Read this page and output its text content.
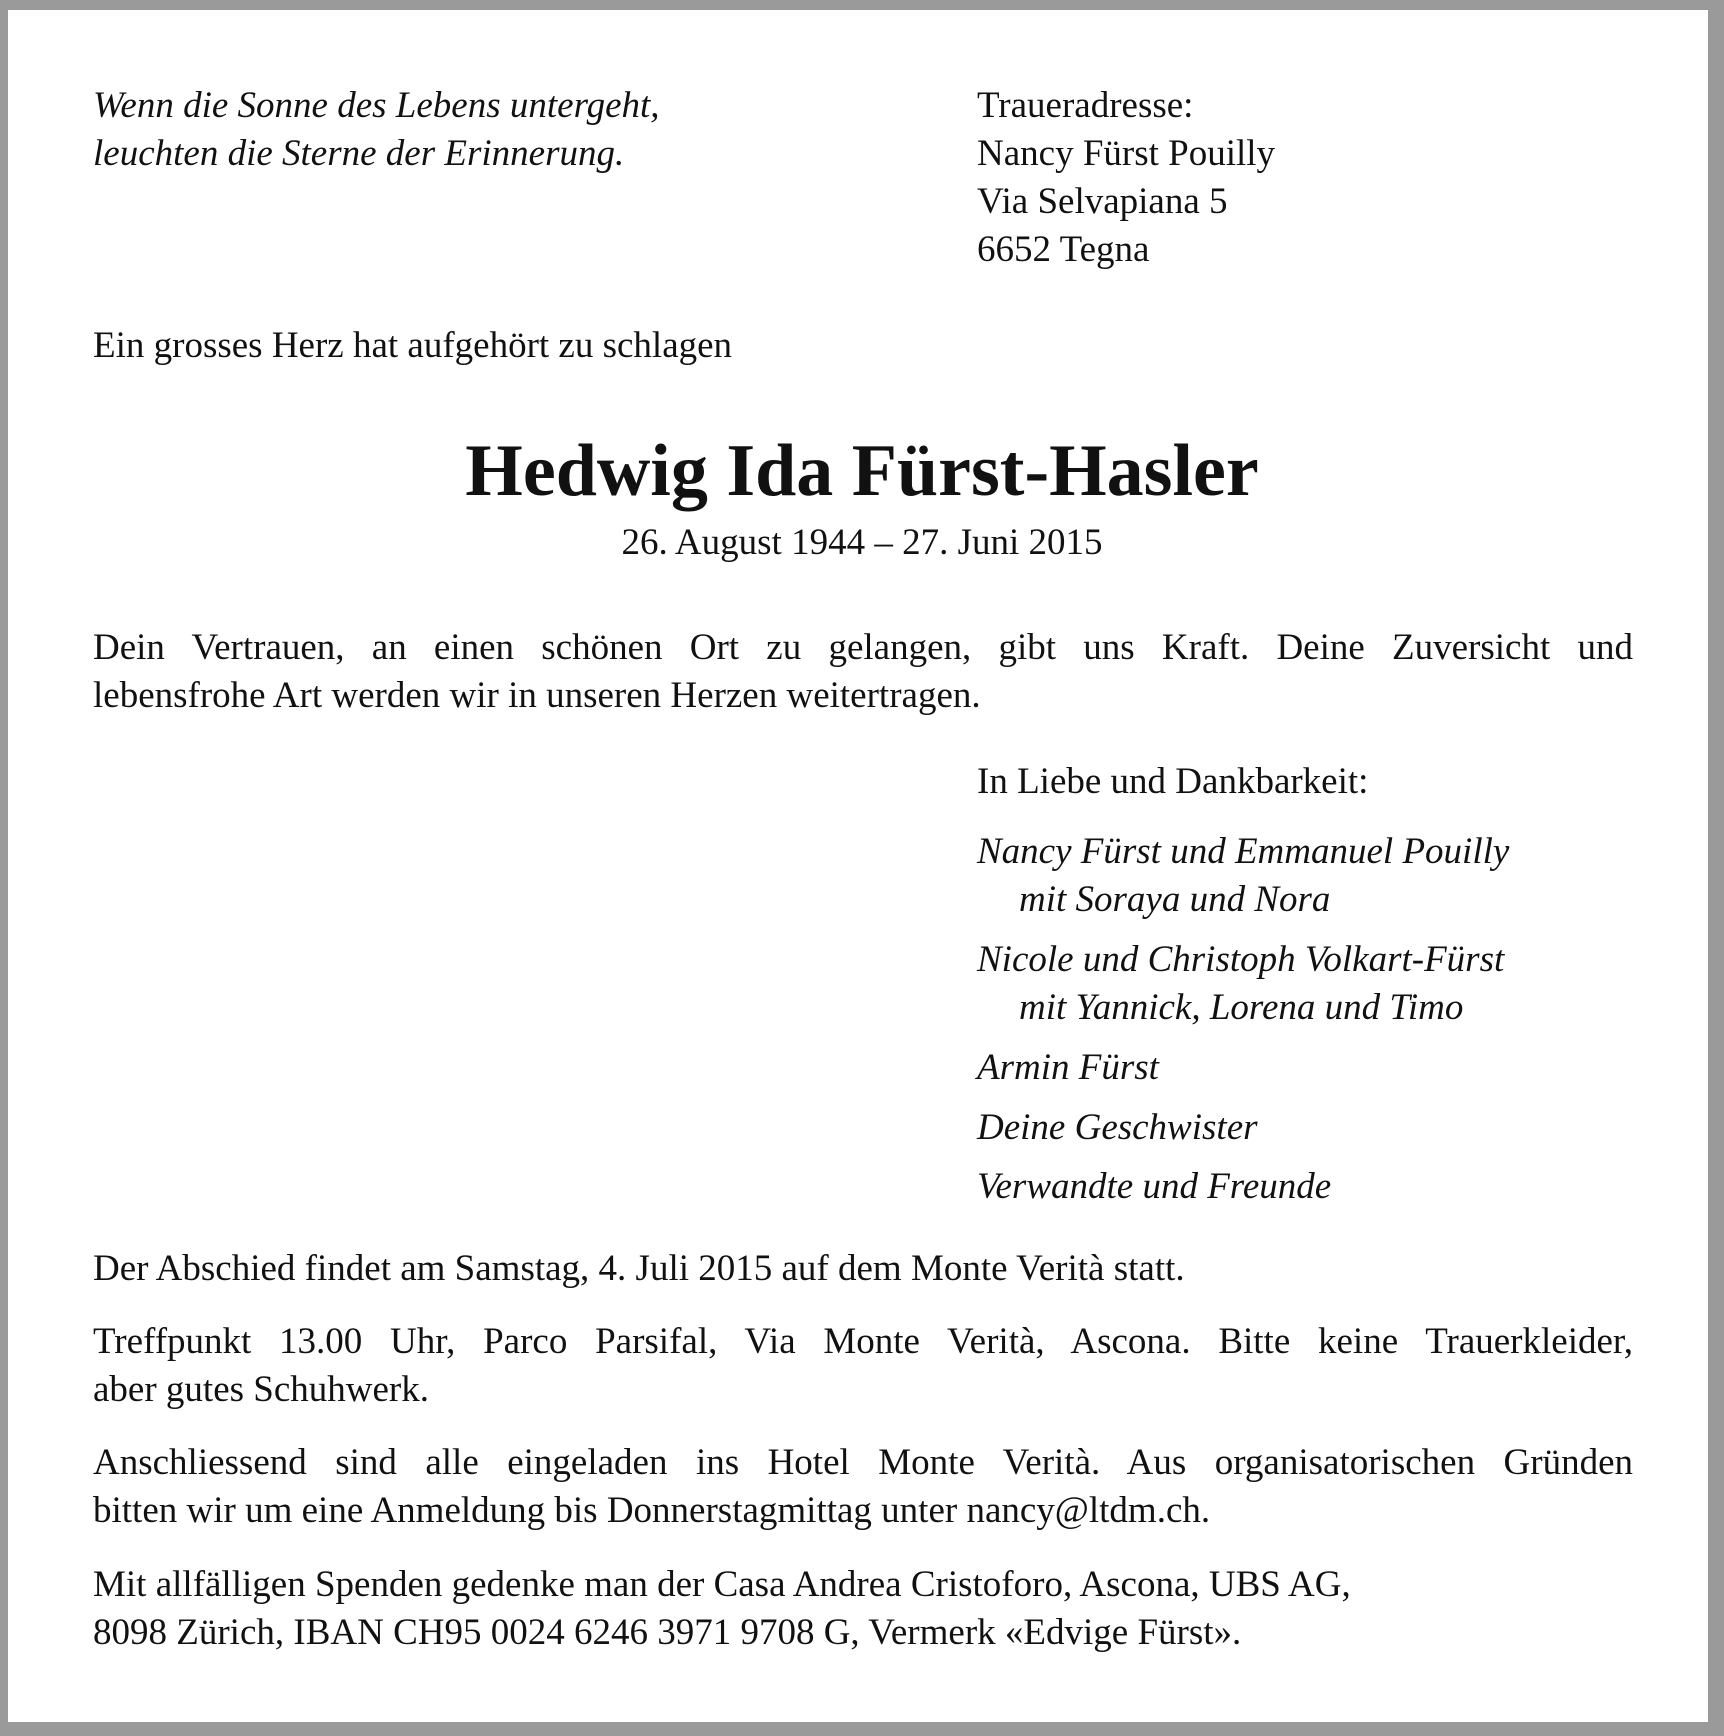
Wenn die Sonne des Lebens untergeht,
leuchten die Sterne der Erinnerung.
Traueradresse:
Nancy Fürst Pouilly
Via Selvapiana 5
6652 Tegna
Ein grosses Herz hat aufgehört zu schlagen
Hedwig Ida Fürst-Hasler
26. August 1944 – 27. Juni 2015
Dein Vertrauen, an einen schönen Ort zu gelangen, gibt uns Kraft. Deine Zuversicht und
lebensfrohe Art werden wir in unseren Herzen weitertragen.
In Liebe und Dankbarkeit:
Nancy Fürst und Emmanuel Pouilly
mit Soraya und Nora
Nicole und Christoph Volkart-Fürst
mit Yannick, Lorena und Timo
Armin Fürst
Deine Geschwister
Verwandte und Freunde
Der Abschied findet am Samstag, 4. Juli 2015 auf dem Monte Verità statt.
Treffpunkt 13.00 Uhr, Parco Parsifal, Via Monte Verità, Ascona. Bitte keine Trauerkleider,
aber gutes Schuhwerk.
Anschliessend sind alle eingeladen ins Hotel Monte Verità. Aus organisatorischen Gründen
bitten wir um eine Anmeldung bis Donnerstagmittag unter nancy@ltdm.ch.
Mit allfälligen Spenden gedenke man der Casa Andrea Cristoforo, Ascona, UBS AG,
8098 Zürich, IBAN CH95 0024 6246 3971 9708 G, Vermerk «Edvige Fürst».
